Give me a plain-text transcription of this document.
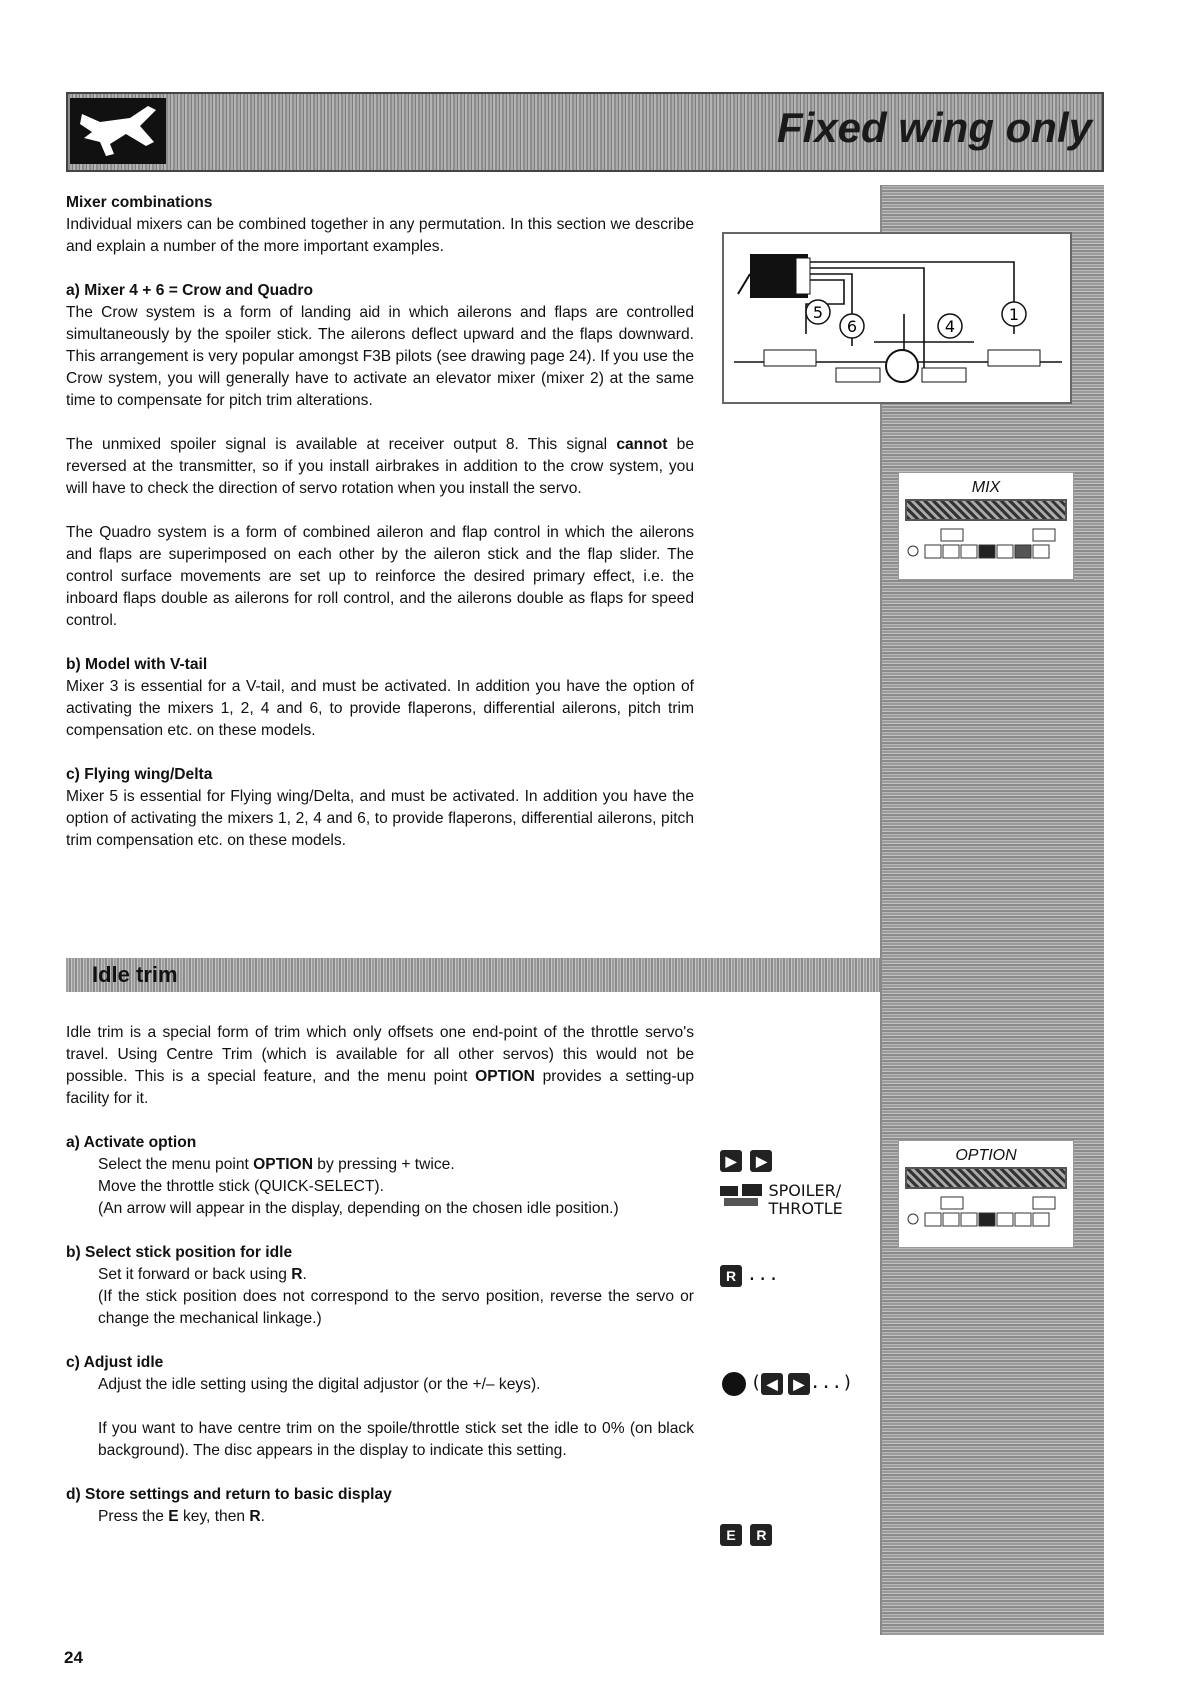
Fixed wing only

Mixer combinations

Individual mixers can be combined together in any permutation. In this section we describe and explain a number of the more important examples.

a) Mixer 4 + 6 = Crow and Quadro

The Crow system is a form of landing aid in which ailerons and flaps are controlled simultaneously by the spoiler stick. The ailerons deflect upward and the flaps downward. This arrangement is very popular amongst F3B pilots (see drawing page 24). If you use the Crow system, you will generally have to activate an elevator mixer (mixer 2) at the same time to compensate for pitch trim alterations.

The unmixed spoiler signal is available at receiver output 8. This signal cannot be reversed at the transmitter, so if you install airbrakes in addition to the crow system, you will have to check the direction of servo rotation when you install the servo.

The Quadro system is a form of combined aileron and flap control in which the ailerons and flaps are superimposed on each other by the aileron stick and the flap slider. The control surface movements are set up to reinforce the desired primary effect, i.e. the inboard flaps double as ailerons for roll control, and the ailerons double as flaps for speed control.

b) Model with V-tail

Mixer 3 is essential for a V-tail, and must be activated. In addition you have the option of activating the mixers 1, 2, 4 and 6, to provide flaperons, differential ailerons, pitch trim compensation etc. on these models.

c) Flying wing/Delta

Mixer 5 is essential for Flying wing/Delta, and must be activated. In addition you have the option of activating the mixers 1, 2, 4 and 6, to provide flaperons, differential ailerons, pitch trim compensation etc. on these models.

5
6	4
1
MIX
Idle trim

Idle trim is a special form of trim which only offsets one end-point of the throttle servo's travel. Using Centre Trim (which is available for all other servos) this would not be possible. This is a special feature, and the menu point OPTION provides a setting-up facility for it.

a) Activate option

Select the menu point OPTION by pressing + twice.

Move the throttle stick (QUICK-SELECT).

(An arrow will appear in the display, depending on the chosen idle position.)

b) Select stick position for idle

Set it forward or back using R.

(If the stick position does not correspond to the servo position, reverse the servo or change the mechanical linkage.)

c) Adjust idle

Adjust the idle setting using the digital adjustor (or the +/– keys).

If you want to have centre trim on the spoile/throttle stick set the idle to 0% (on black background). The disc appears in the display to indicate this setting.

d) Store settings and return to basic display

Press the E key, then R.

▶ ▶
SPOILER/
THROTLE
R ...
( ◀ ▶ ...)
E R
OPTION
24
